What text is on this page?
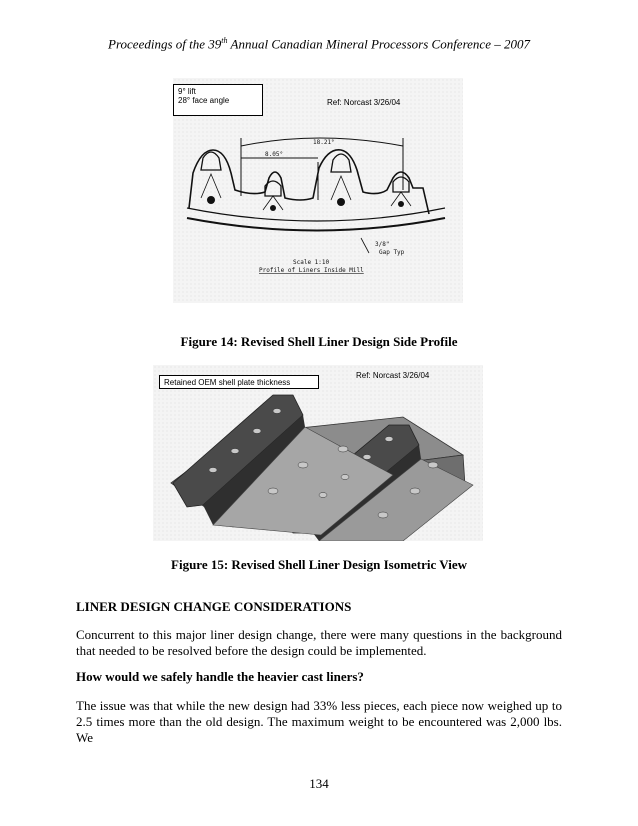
Proceedings of the 39th Annual Canadian Mineral Processors Conference – 2007
18.21°
8.05°
3/8"
Gap Typ
Scale 1:10
Profile of Liners Inside Mill
9° lift
28° face angle	Ref: Norcast 3/26/04
Figure 14: Revised Shell Liner Design Side Profile
Retained OEM shell plate thickness
Ref: Norcast 3/26/04
Figure 15: Revised Shell Liner Design Isometric View
LINER DESIGN CHANGE CONSIDERATIONS
Concurrent to this major liner design change, there were many questions in the background that needed to be resolved before the design could be implemented.
How would we safely handle the heavier cast liners?
The issue was that while the new design had 33% less pieces, each piece now weighed up to 2.5 times more than the old design. The maximum weight to be encountered was 2,000 lbs. We
134
